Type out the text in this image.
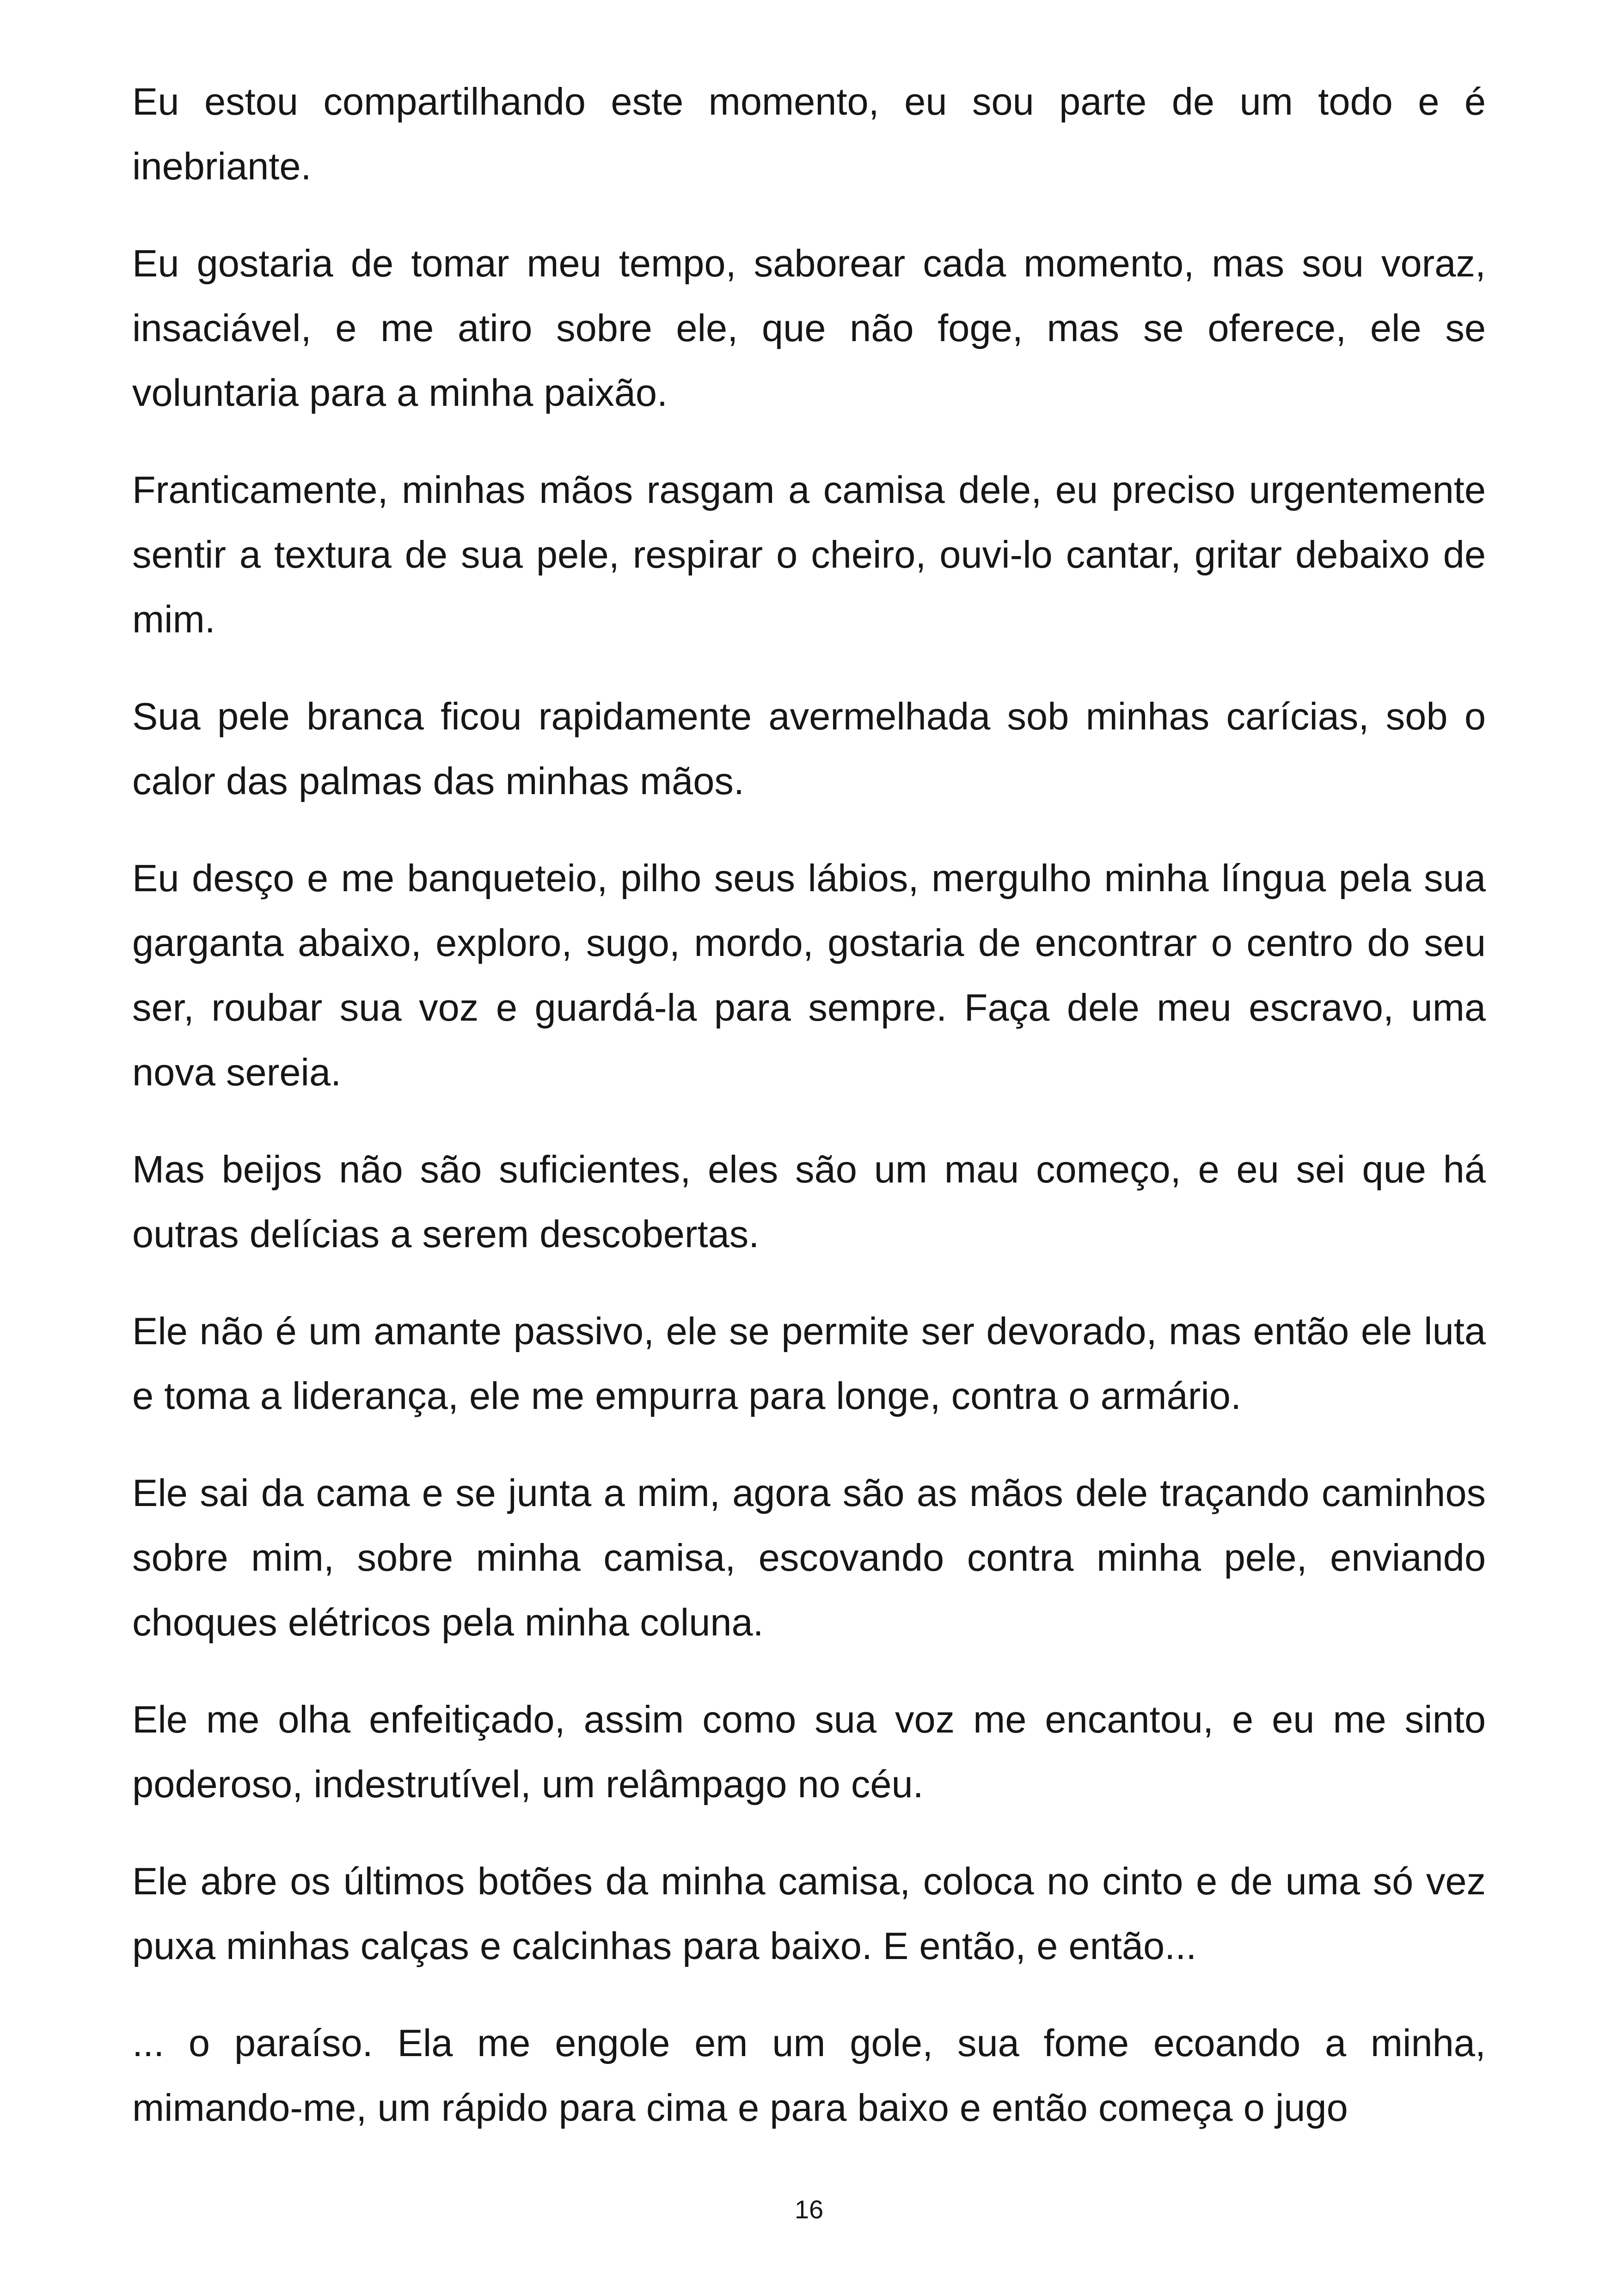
Eu estou compartilhando este momento, eu sou parte de um todo e é inebriante.

Eu gostaria de tomar meu tempo, saborear cada momento, mas sou voraz, insaciável, e me atiro sobre ele, que não foge, mas se oferece, ele se voluntaria para a minha paixão.

Franticamente, minhas mãos rasgam a camisa dele, eu preciso urgentemente sentir a textura de sua pele, respirar o cheiro, ouvi-lo cantar, gritar debaixo de mim.

Sua pele branca ficou rapidamente avermelhada sob minhas carícias, sob o calor das palmas das minhas mãos.

Eu desço e me banqueteio, pilho seus lábios, mergulho minha língua pela sua garganta abaixo, exploro, sugo, mordo, gostaria de encontrar o centro do seu ser, roubar sua voz e guardá-la para sempre. Faça dele meu escravo, uma nova sereia.

Mas beijos não são suficientes, eles são um mau começo, e eu sei que há outras delícias a serem descobertas.

Ele não é um amante passivo, ele se permite ser devorado, mas então ele luta e toma a liderança, ele me empurra para longe, contra o armário.

Ele sai da cama e se junta a mim, agora são as mãos dele traçando caminhos sobre mim, sobre minha camisa, escovando contra minha pele, enviando choques elétricos pela minha coluna.

Ele me olha enfeitiçado, assim como sua voz me encantou, e eu me sinto poderoso, indestrutível, um relâmpago no céu.

Ele abre os últimos botões da minha camisa, coloca no cinto e de uma só vez puxa minhas calças e calcinhas para baixo. E então, e então...

... o paraíso. Ela me engole em um gole, sua fome ecoando a minha, mimando-me, um rápido para cima e para baixo e então começa o jugo

16
